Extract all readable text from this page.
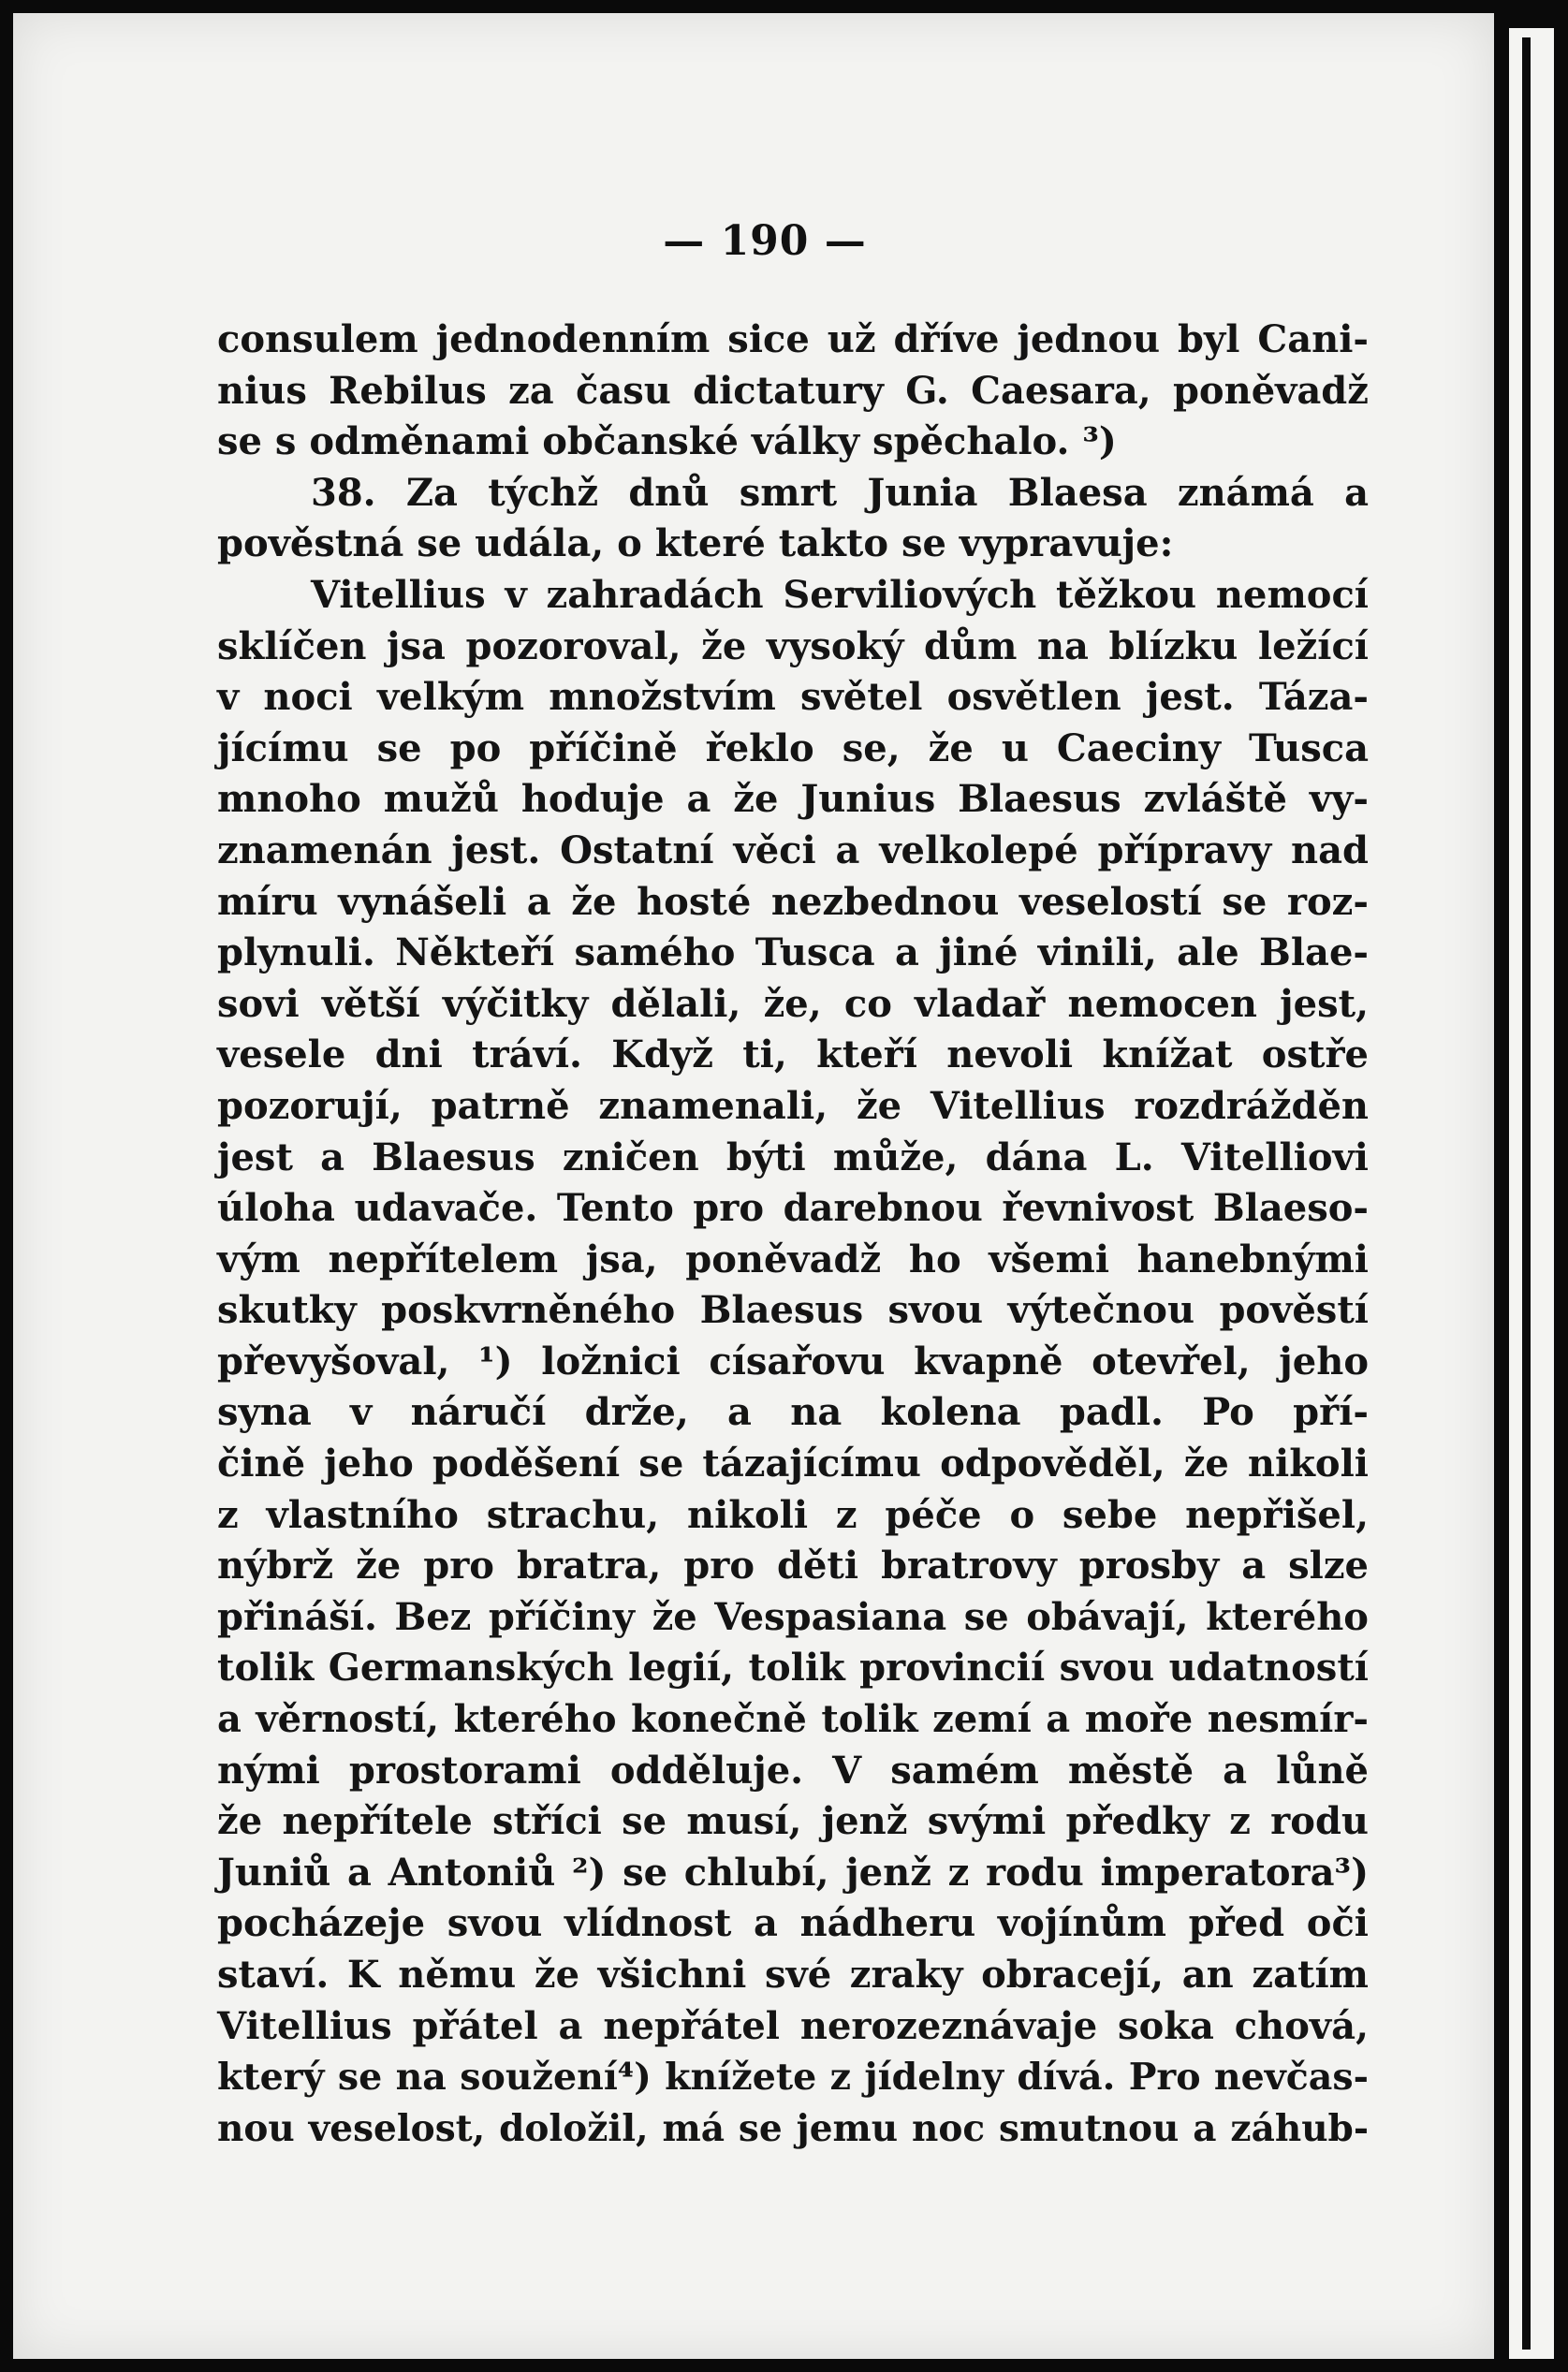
— 190 —
consulem jednodenním sice už dříve jednou byl Cani-
nius Rebilus za času dictatury G. Caesara, poněvadž
se s odměnami občanské války spěchalo. ³)
38. Za týchž dnů smrt Junia Blaesa známá a
pověstná se udála, o které takto se vypravuje:
Vitellius v zahradách Serviliových těžkou nemocí
sklíčen jsa pozoroval, že vysoký dům na blízku ležící
v noci velkým množstvím světel osvětlen jest. Táza-
jícímu se po příčině řeklo se, že u Caeciny Tusca
mnoho mužů hoduje a že Junius Blaesus zvláště vy-
znamenán jest. Ostatní věci a velkolepé přípravy nad
míru vynášeli a že hosté nezbednou veselostí se roz-
plynuli. Někteří samého Tusca a jiné vinili, ale Blae-
sovi větší výčitky dělali, že, co vladař nemocen jest,
vesele dni tráví. Když ti, kteří nevoli knížat ostře
pozorují, patrně znamenali, že Vitellius rozdrážděn
jest a Blaesus zničen býti může, dána L. Vitelliovi
úloha udavače. Tento pro darebnou řevnivost Blaeso-
vým nepřítelem jsa, poněvadž ho všemi hanebnými
skutky poskvrněného Blaesus svou výtečnou pověstí
převyšoval, ¹) ložnici císařovu kvapně otevřel, jeho
syna v náručí drže, a na kolena padl. Po pří-
čině jeho poděšení se tázajícímu odpověděl, že nikoli
z vlastního strachu, nikoli z péče o sebe nepřišel,
nýbrž že pro bratra, pro děti bratrovy prosby a slze
přináší. Bez příčiny že Vespasiana se obávají, kterého
tolik Germanských legií, tolik provincií svou udatností
a věrností, kterého konečně tolik zemí a moře nesmír-
nými prostorami odděluje. V samém městě a lůně
že nepřítele stříci se musí, jenž svými předky z rodu
Juniů a Antoniů ²) se chlubí, jenž z rodu imperatora³)
pocházeje svou vlídnost a nádheru vojínům před oči
staví. K němu že všichni své zraky obracejí, an zatím
Vitellius přátel a nepřátel nerozeznávaje soka chová,
který se na soužení⁴) knížete z jídelny dívá. Pro nevčas-
nou veselost, doložil, má se jemu noc smutnou a záhub-
